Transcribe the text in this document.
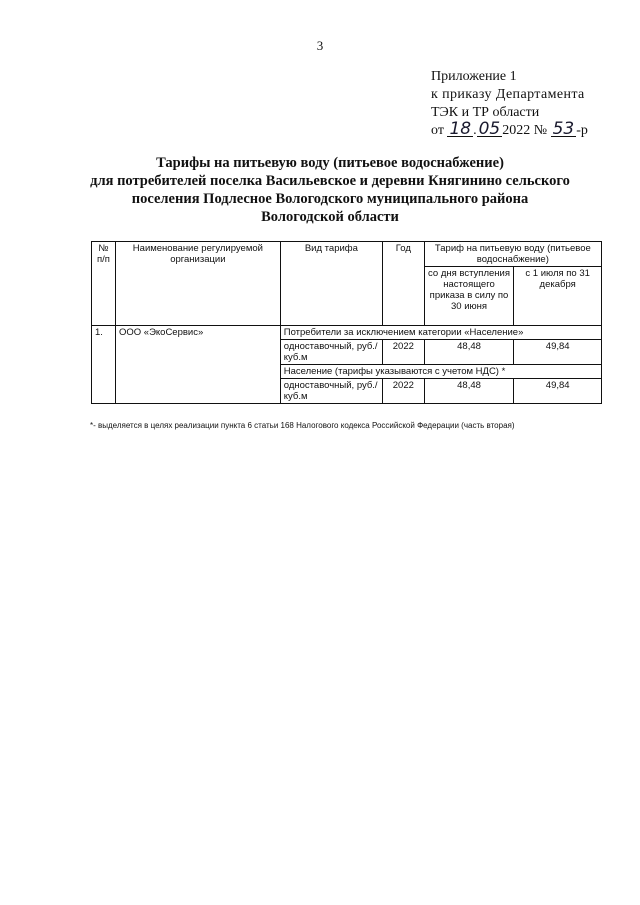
3
Приложение 1
к приказу Департамента
ТЭК и ТР области
от 18 . 05 2022 № 53 -р
Тарифы на питьевую воду (питьевое водоснабжение)
для потребителей поселка Васильевское и деревни Княгинино сельского
поселения Подлесное Вологодского муниципального района
Вологодской области
№ п/п	Наименование регулируемой организации	Вид тарифа	Год	Тариф на питьевую воду (питьевое водоснабжение)	
				со дня вступления настоящего приказа в силу по 30 июня	с 1 июля по 31 декабря
1.	ООО «ЭкоСервис»	Потребители за исключением категории «Население»			
		одноставочный, руб./куб.м	2022	48,48	49,84
		Население (тарифы указываются с учетом НДС) *			
		одноставочный, руб./куб.м	2022	48,48	49,84
*- выделяется в целях реализации пункта 6 статьи 168 Налогового кодекса Российской Федерации (часть вторая)
